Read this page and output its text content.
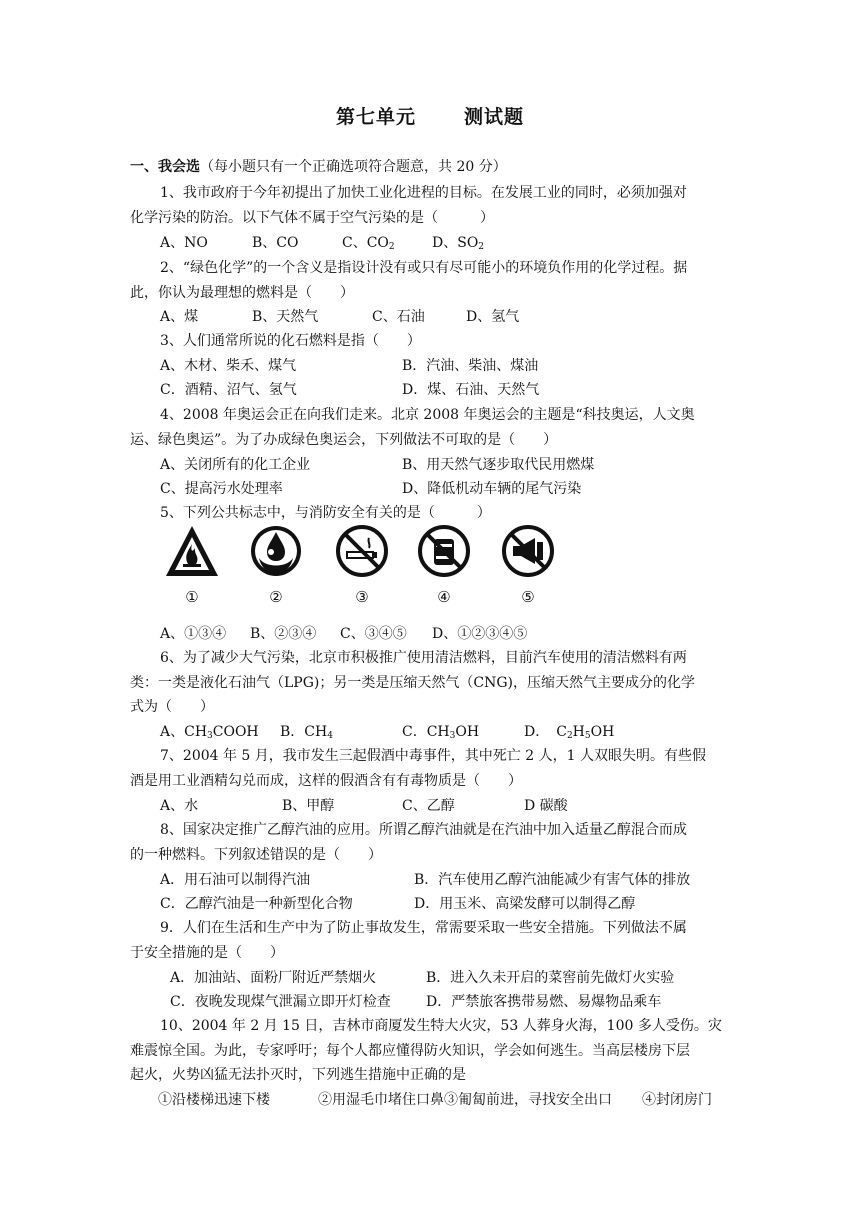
第七单元	测试题
一、我会选（每小题只有一个正确选项符合题意，共 20 分）
1、我市政府于今年初提出了加快工业化进程的目标。在发展工业的同时，必须加强对
化学污染的防治。以下气体不属于空气污染的是（　　　）
A、NO	B、CO	C、$CO_2$	D、$SO_2$
2、“绿色化学”的一个含义是指设计没有或只有尽可能小的环境负作用的化学过程。据
此，你认为最理想的燃料是（　　）
A、煤	B、天然气	C、石油	D、氢气
3、人们通常所说的化石燃料是指（　　）
A、木材、柴禾、煤气	B．汽油、柴油、煤油
C．酒精、沼气、氢气	D．煤、石油、天然气
4、2008 年奥运会正在向我们走来。北京 2008 年奥运会的主题是“科技奥运，人文奥
运、绿色奥运”。为了办成绿色奥运会，下列做法不可取的是（　　）
A、关闭所有的化工企业	B、用天然气逐步取代民用燃煤
C、提高污水处理率	D、降低机动车辆的尾气污染
5、下列公共标志中，与消防安全有关的是（　　　）
①	②	③	④	⑤
A、①③④ B、②③④ C、③④⑤ D、①②③④⑤
6、为了减少大气污染，北京市积极推广使用清洁燃料，目前汽车使用的清洁燃料有两
类：一类是液化石油气（LPG)；另一类是压缩天然气（CNG)，压缩天然气主要成分的化学
式为（　　）
A、$CH_3COOH$ B．$CH_4$	C．$CH_3OH$	D．　$C_2H_5OH$
7、2004 年 5 月，我市发生三起假酒中毒事件，其中死亡 2 人，1 人双眼失明。有些假
酒是用工业酒精勾兑而成，这样的假酒含有有毒物质是（　　）
A、水	B、甲醇	C、乙醇	D 碳酸
8、国家决定推广乙醇汽油的应用。所谓乙醇汽油就是在汽油中加入适量乙醇混合而成
的一种燃料。下列叙述错误的是（　　）
A．用石油可以制得汽油	B．汽车使用乙醇汽油能减少有害气体的排放
C．乙醇汽油是一种新型化合物	D．用玉米、高梁发酵可以制得乙醇
9．人们在生活和生产中为了防止事故发生，常需要采取一些安全措施。下列做法不属
于安全措施的是（　　）
A．加油站、面粉厂附近严禁烟火	B．进入久未开启的菜窖前先做灯火实验
C．夜晚发现煤气泄漏立即开灯检查	D．严禁旅客携带易燃、易爆物品乘车
10、2004 年 2 月 15 日，吉林市商厦发生特大火灾，53 人葬身火海，100 多人受伤。灾
难震惊全国。为此，专家呼吁；每个人都应懂得防火知识，学会如何逃生。当高层楼房下层
起火，火势凶猛无法扑灭时，下列逃生措施中正确的是
①沿楼梯迅速下楼	②用湿毛巾堵住口鼻③匍匐前进，寻找安全出口 ④封闭房门
